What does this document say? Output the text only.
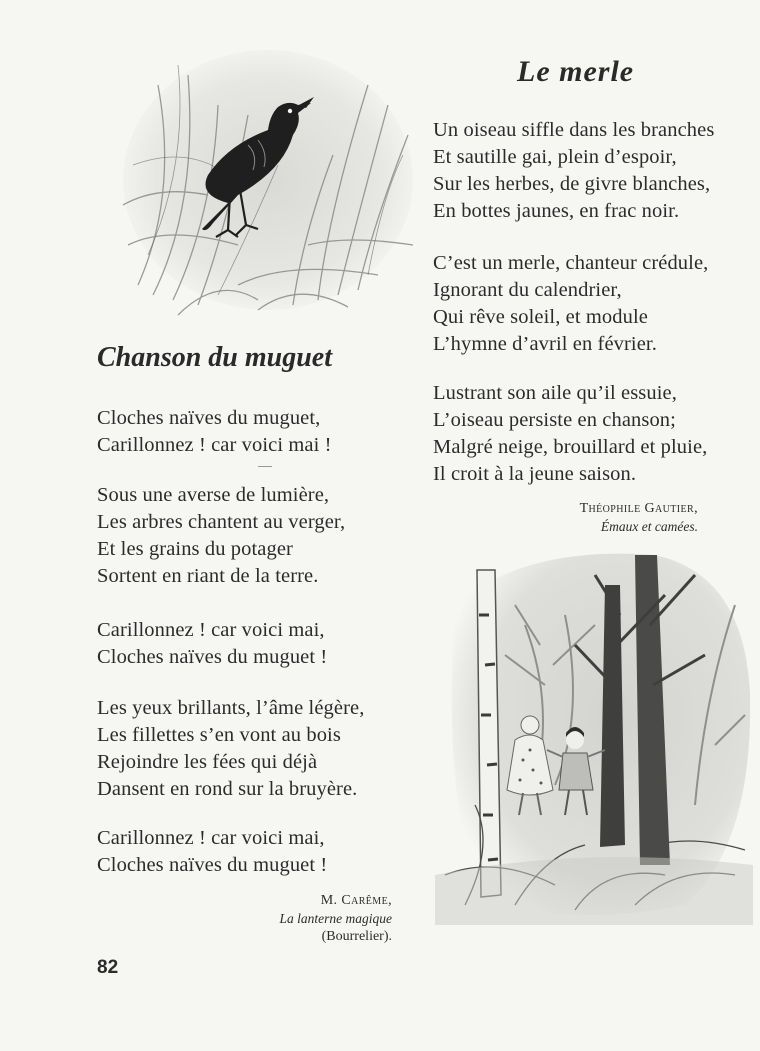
Le merle
Un oiseau siffle dans les branches
Et sautille gai, plein d’espoir,
Sur les herbes, de givre blanches,
En bottes jaunes, en frac noir.
C’est un merle, chanteur crédule,
Ignorant du calendrier,
Qui rêve soleil, et module
L’hymne d’avril en février.
Lustrant son aile qu’il essuie,
L’oiseau persiste en chanson;
Malgré neige, brouillard et pluie,
Il croit à la jeune saison.
Théophile Gautier,
Émaux et camées.
Chanson du muguet
Cloches naïves du muguet,
Carillonnez ! car voici mai !
Sous une averse de lumière,
Les arbres chantent au verger,
Et les grains du potager
Sortent en riant de la terre.
Carillonnez ! car voici mai,
Cloches naïves du muguet !
Les yeux brillants, l’âme légère,
Les fillettes s’en vont au bois
Rejoindre les fées qui déjà
Dansent en rond sur la bruyère.
Carillonnez ! car voici mai,
Cloches naïves du muguet !
M. Carême,
La lanterne magique
(Bourrelier).
82
